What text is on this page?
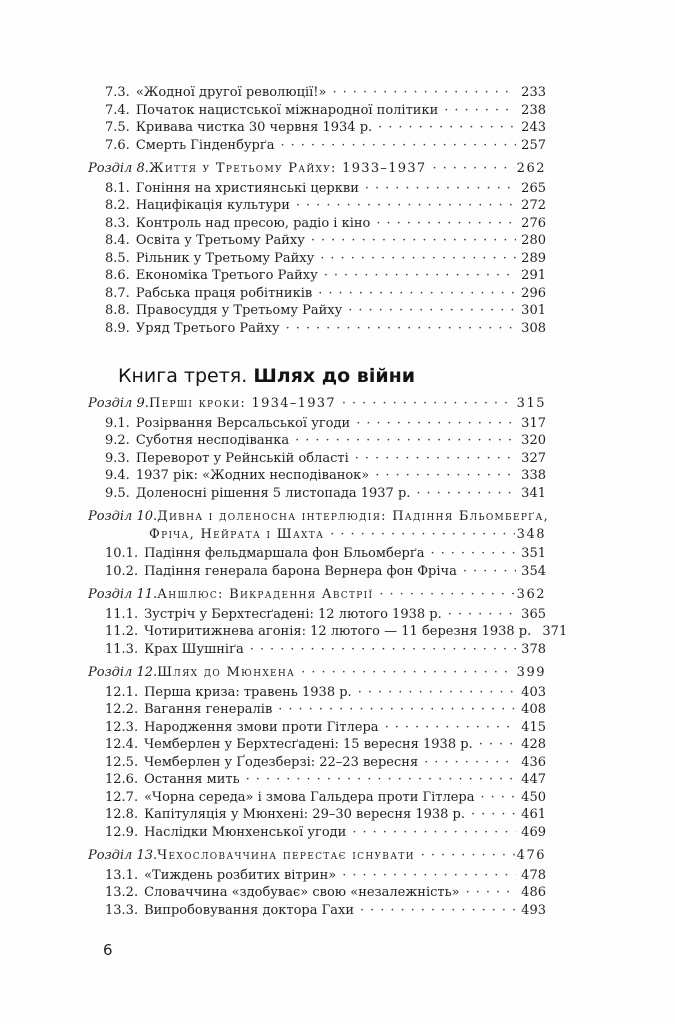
7.3. «Жодної другої революції!» ·····	233
7.4. Початок нацистської міжнародної політики ·····	238
7.5. Кривава чистка 30 червня 1934 р. ·····	243
7.6. Смерть Гінденбурґа ·····	257
Розділ 8. Життя у Третьому Райху: 1933–1937 ·····	262
8.1. Гоніння на християнські церкви ·····	265
8.2. Нацифікація культури ·····	272
8.3. Контроль над пресою, радіо і кіно ·····	276
8.4. Освіта у Третьому Райху ·····	280
8.5. Рільник у Третьому Райху ·····	289
8.6. Економіка Третього Райху ·····	291
8.7. Рабська праця робітників ·····	296
8.8. Правосуддя у Третьому Райху ·····	301
8.9. Уряд Третього Райху ·····	308
Книга третя. Шлях до війни
Розділ 9. Перші кроки: 1934–1937 ·····	315
9.1. Розірвання Версальської угоди ·····	317
9.2. Суботня несподіванка ·····	320
9.3. Переворот у Рейнській області ·····	327
9.4. 1937 рік: «Жодних несподіванок» ·····	338
9.5. Доленосні рішення 5 листопада 1937 р. ·····	341
Розділ 10. Дивна і доленосна інтерлюдія: Падіння Бльомберґа,
Фріча, Нейрата і Шахта ·····	348
10.1. Падіння фельдмаршала фон Бльомберґа ·····	351
10.2. Падіння генерала барона Вернера фон Фріча ·····	354
Розділ 11. Аншлюс: Викрадення Австрії ·····	362
11.1. Зустріч у Берхтесґадені: 12 лютого 1938 р. ·····	365
11.2. Чотиритижнева агонія: 12 лютого — 11 березня 1938 р. 371
11.3. Крах Шушніґа ·····	378
Розділ 12. Шлях до Мюнхена ·····	399
12.1. Перша криза: травень 1938 р. ·····	403
12.2. Вагання генералів ·····	408
12.3. Народження змови проти Гітлера ·····	415
12.4. Чемберлен у Берхтесґадені: 15 вересня 1938 р. ·····	428
12.5. Чемберлен у Ґодезберзі: 22–23 вересня ·····	436
12.6. Остання мить ·····	447
12.7. «Чорна середа» і змова Гальдера проти Гітлера ·····	450
12.8. Капітуляція у Мюнхені: 29–30 вересня 1938 р. ·····	461
12.9. Наслідки Мюнхенської угоди ·····	469
Розділ 13. Чехословаччина перестає існувати ·····	476
13.1. «Тиждень розбитих вітрин» ·····	478
13.2. Словаччина «здобуває» свою «незалежність» ·····	486
13.3. Випробовування доктора Гахи ·····	493
6
